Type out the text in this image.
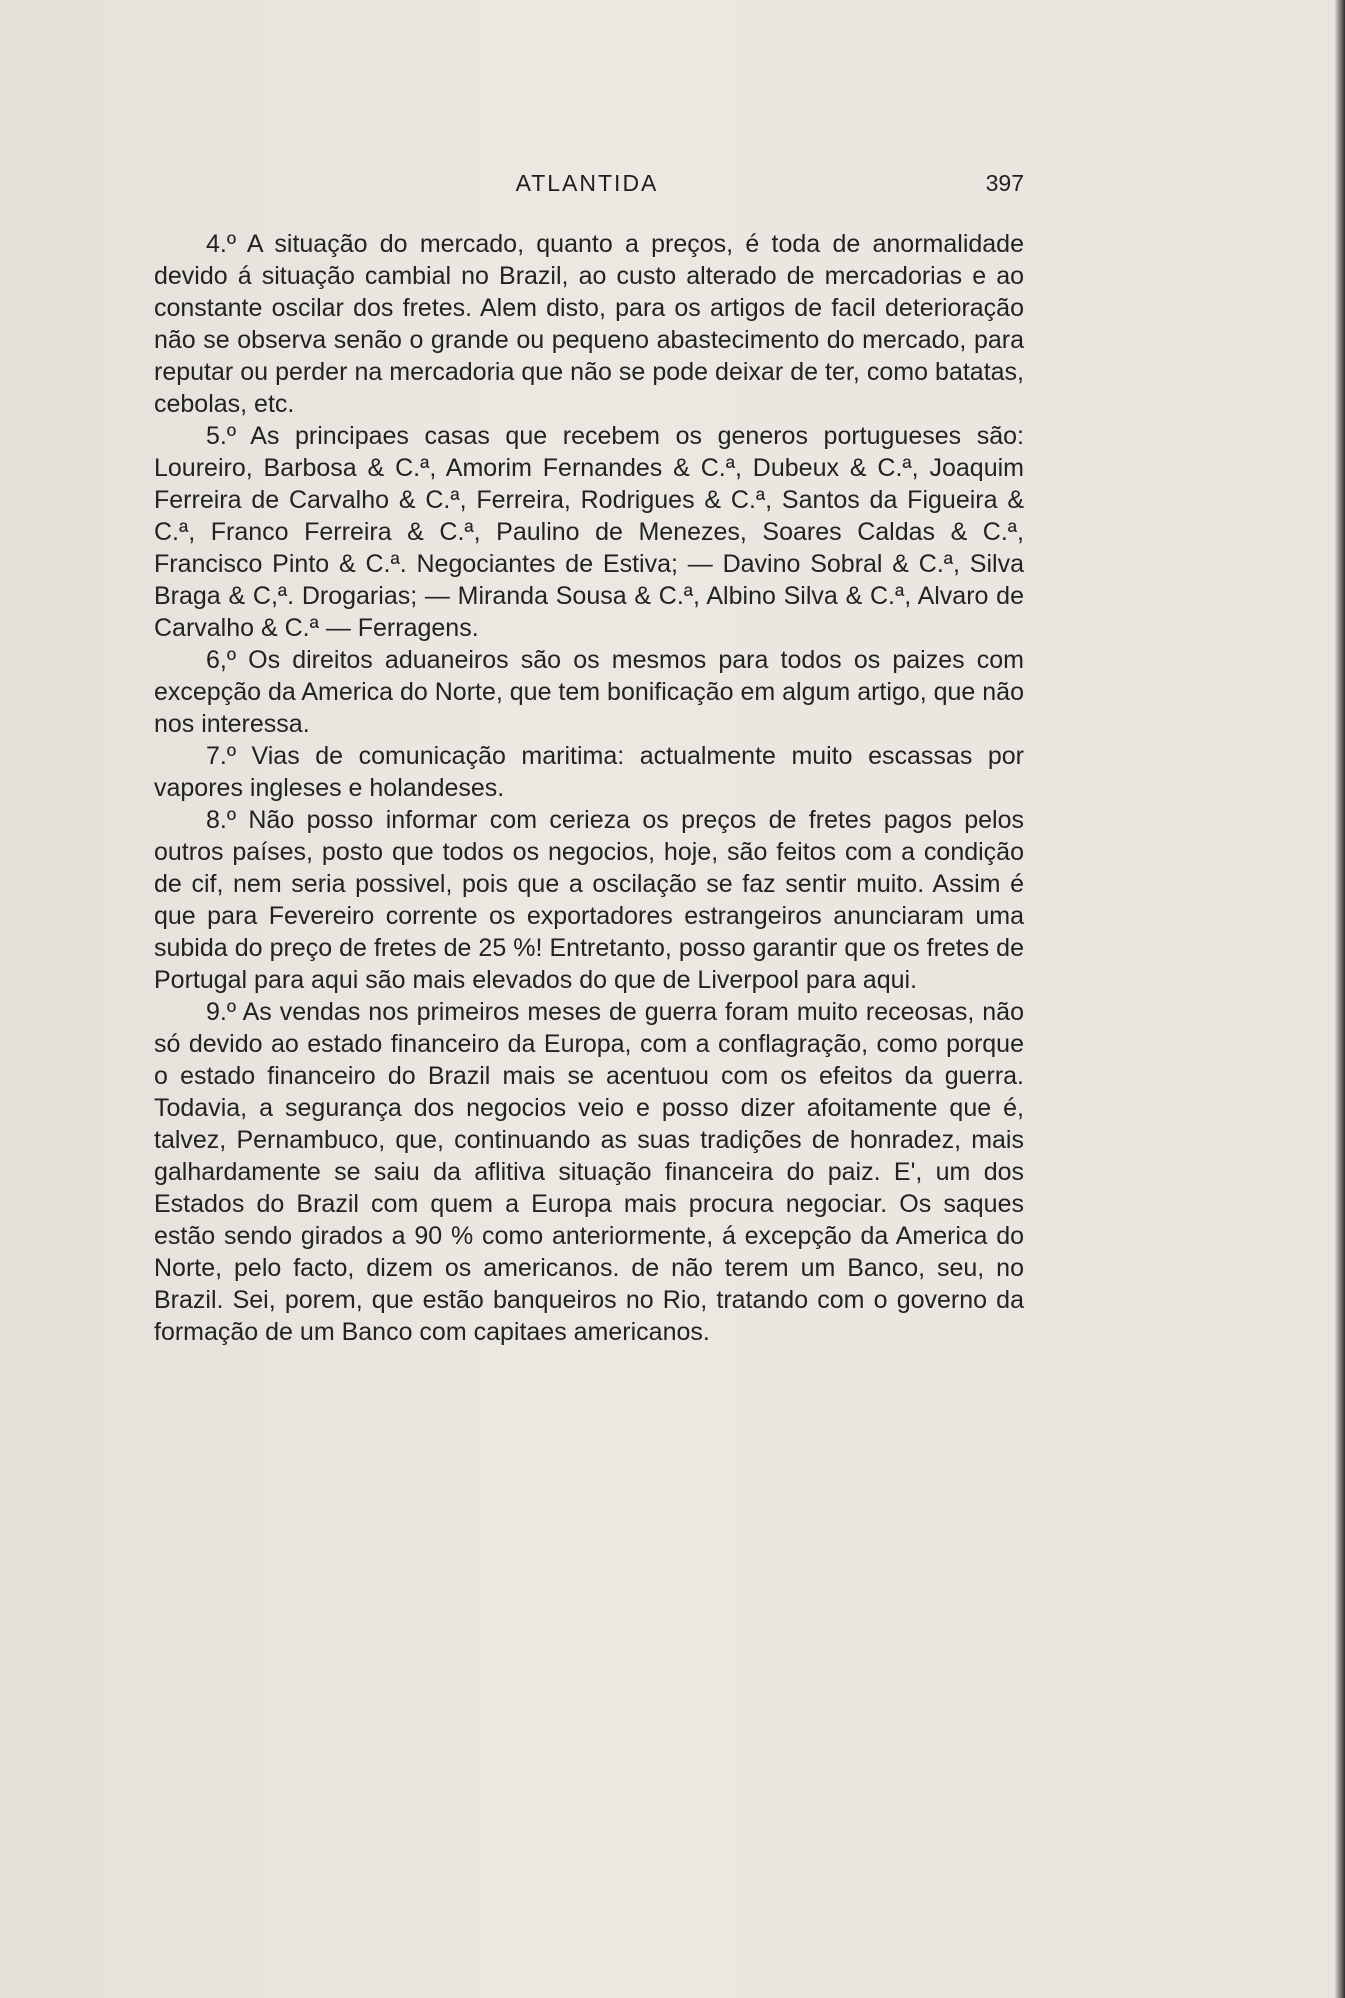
ATLANTIDA	397

4.º A situação do mercado, quanto a preços, é toda de anormalidade devido á situação cambial no Brazil, ao custo alterado de mercadorias e ao constante oscilar dos fretes. Alem disto, para os artigos de facil deterioração não se observa senão o grande ou pequeno abastecimento do mercado, para reputar ou perder na mercadoria que não se pode deixar de ter, como batatas, cebolas, etc.

5.º As principaes casas que recebem os generos portugueses são: Loureiro, Barbosa & C.ª, Amorim Fernandes & C.ª, Dubeux & C.ª, Joaquim Ferreira de Carvalho & C.ª, Ferreira, Rodrigues & C.ª, Santos da Figueira & C.ª, Franco Ferreira & C.ª, Paulino de Menezes, Soares Caldas & C.ª, Francisco Pinto & C.ª. Negociantes de Estiva; — Davino Sobral & C.ª, Silva Braga & C,ª. Drogarias; — Miranda Sousa & C.ª, Albino Silva & C.ª, Alvaro de Carvalho & C.ª — Ferragens.

6,º Os direitos aduaneiros são os mesmos para todos os paizes com excepção da America do Norte, que tem bonificação em algum artigo, que não nos interessa.

7.º Vias de comunicação maritima: actualmente muito escassas por vapores ingleses e holandeses.

8.º Não posso informar com cerieza os preços de fretes pagos pelos outros países, posto que todos os negocios, hoje, são feitos com a condição de cif, nem seria possivel, pois que a oscilação se faz sentir muito. Assim é que para Fevereiro corrente os exportadores estrangeiros anunciaram uma subida do preço de fretes de 25 %! Entretanto, posso garantir que os fretes de Portugal para aqui são mais elevados do que de Liverpool para aqui.

9.º As vendas nos primeiros meses de guerra foram muito receosas, não só devido ao estado financeiro da Europa, com a conflagração, como porque o estado financeiro do Brazil mais se acentuou com os efeitos da guerra. Todavia, a segurança dos negocios veio e posso dizer afoitamente que é, talvez, Pernambuco, que, continuando as suas tradições de honradez, mais galhardamente se saiu da aflitiva situação financeira do paiz. E', um dos Estados do Brazil com quem a Europa mais procura negociar. Os saques estão sendo girados a 90 % como anteriormente, á excepção da America do Norte, pelo facto, dizem os americanos. de não terem um Banco, seu, no Brazil. Sei, porem, que estão banqueiros no Rio, tratando com o governo da formação de um Banco com capitaes americanos.
